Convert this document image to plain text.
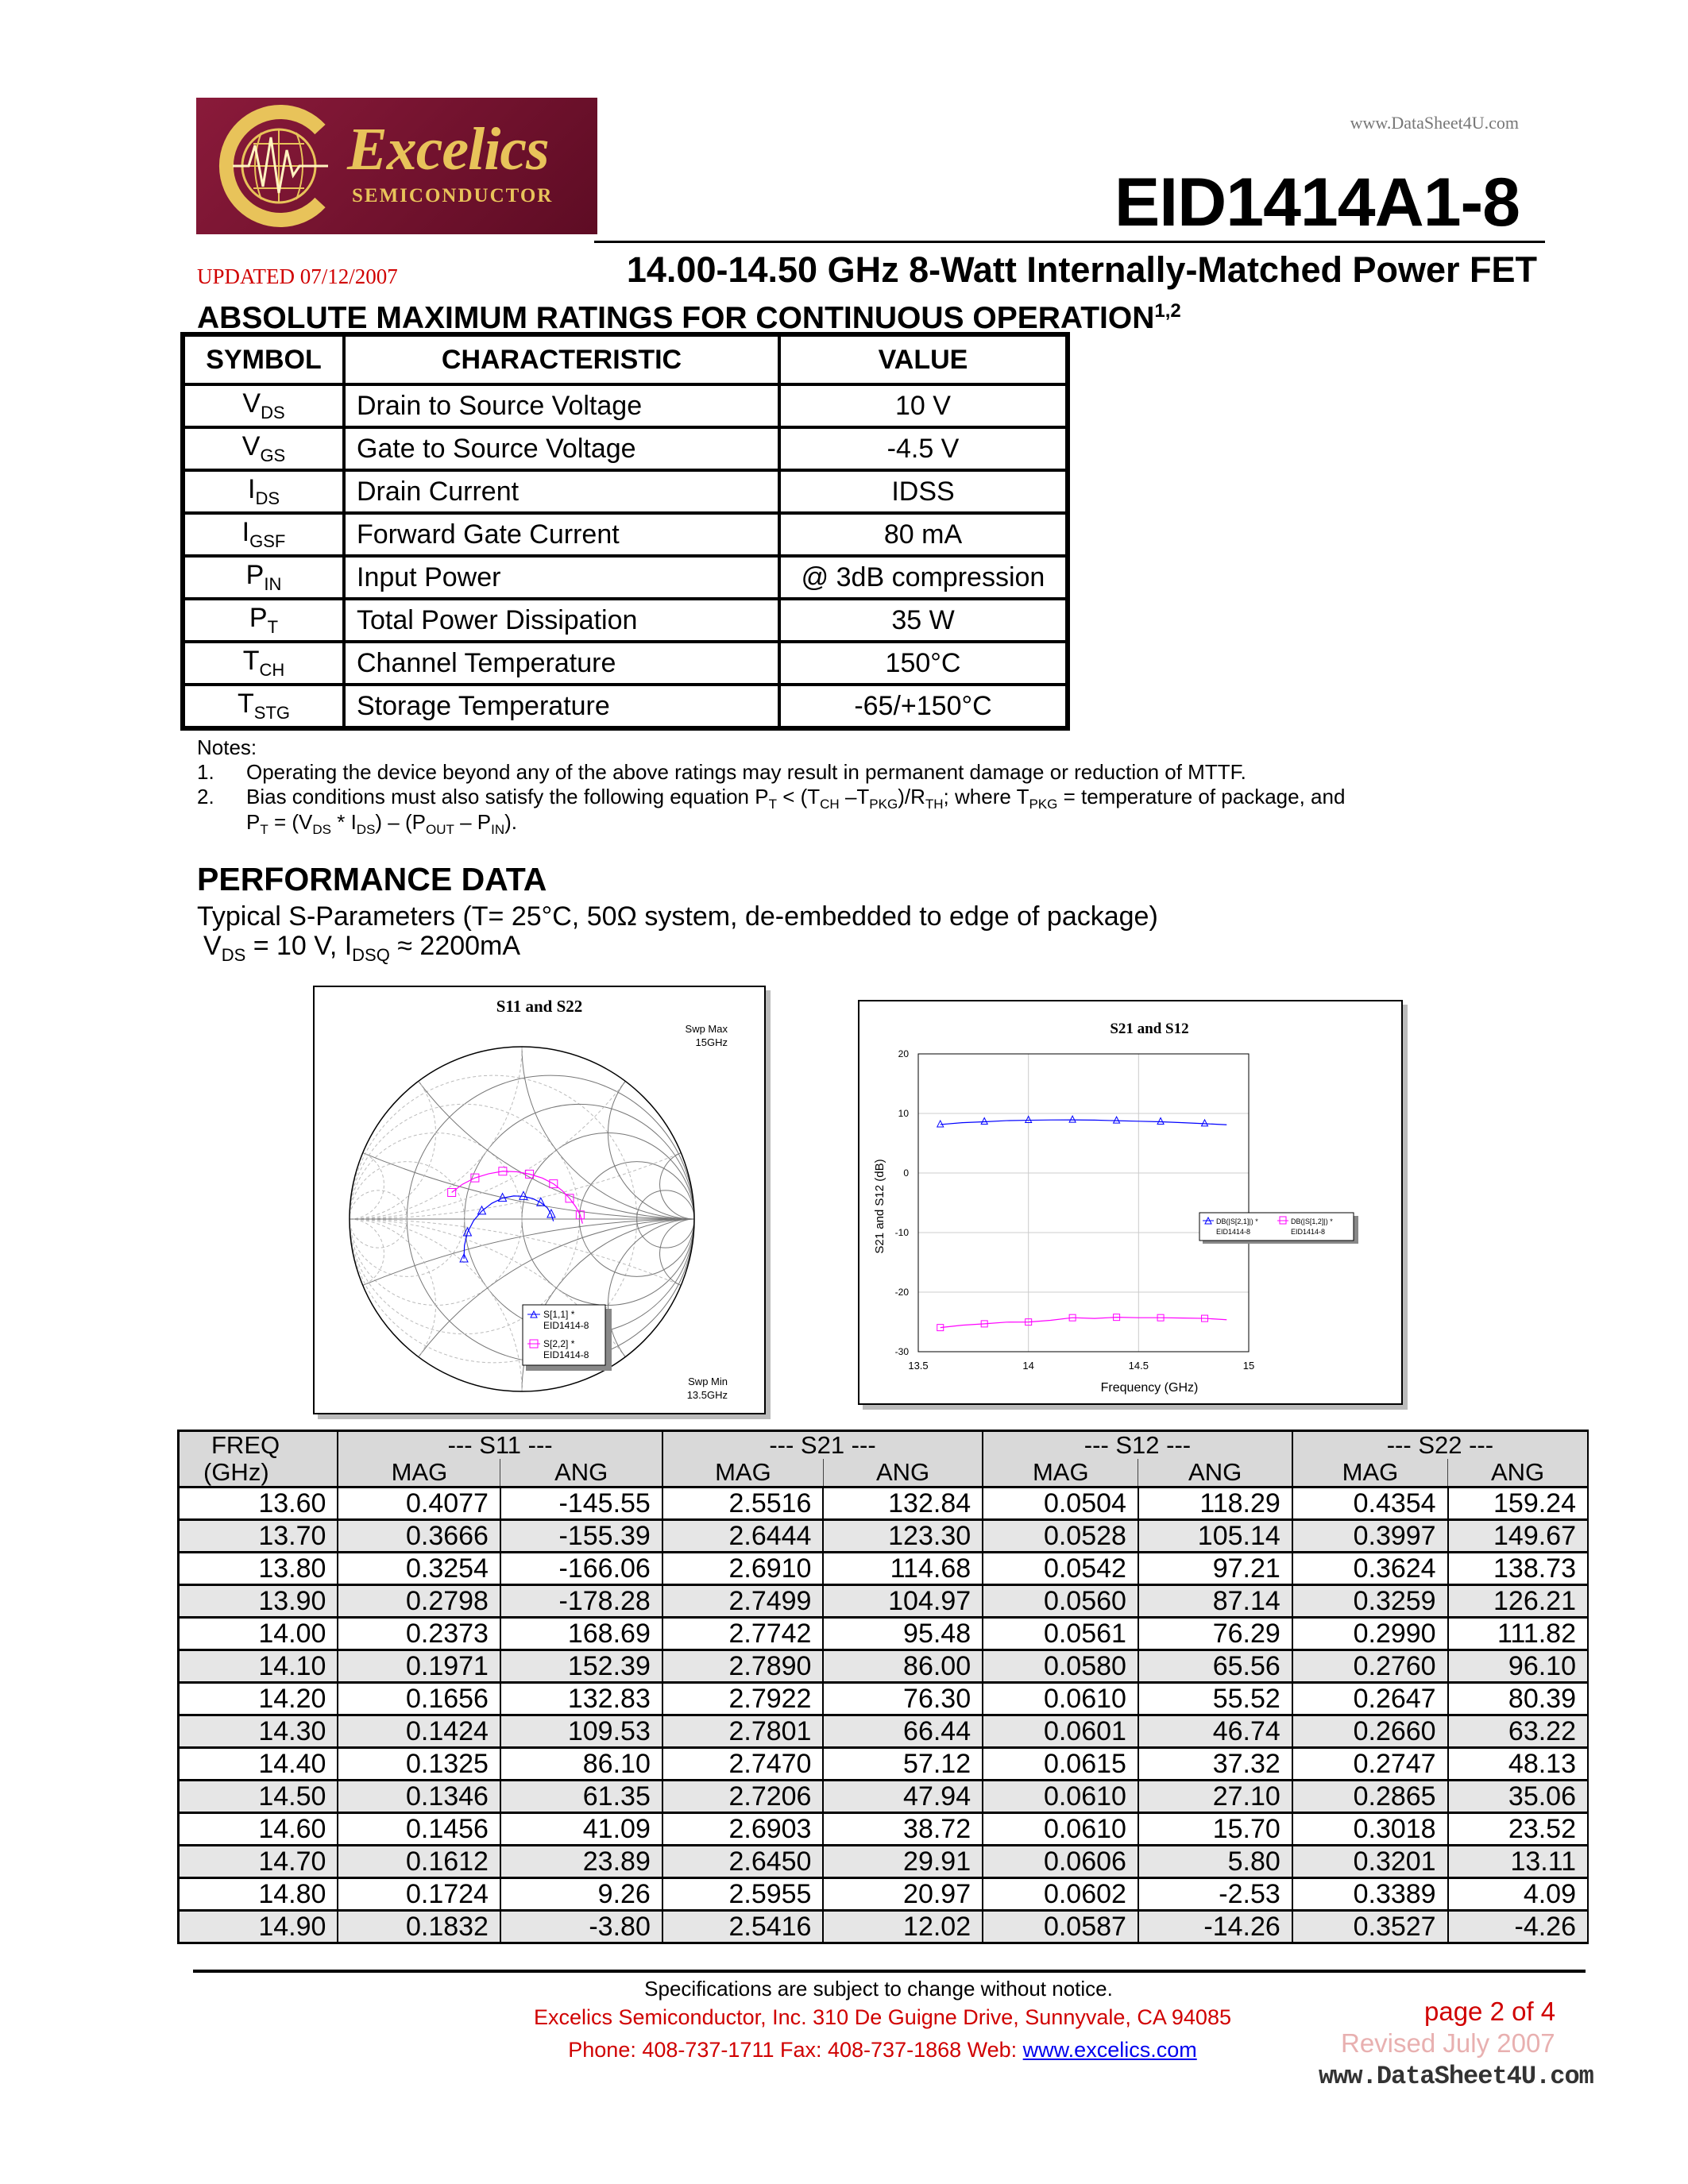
Excelics
SEMICONDUCTOR
www.DataSheet4U.com
EID1414A1-8
UPDATED 07/12/2007	14.00-14.50 GHz 8-Watt Internally-Matched Power FET
ABSOLUTE MAXIMUM RATINGS FOR CONTINUOUS OPERATION$^{1,2}$
SYMBOL	CHARACTERISTIC	VALUE
$V_{DS}$	Drain to Source Voltage	10 V
$V_{GS}$	Gate to Source Voltage	-4.5 V
$I_{DS}$	Drain Current	IDSS
$I_{GSF}$	Forward Gate Current	80 mA
$P_{IN}$	Input Power	@ 3dB compression
$P_T$	Total Power Dissipation	35 W
$T_{CH}$	Channel Temperature	150°C
$T_{STG}$	Storage Temperature	-65/+150°C
Notes:
1. Operating the device beyond any of the above ratings may result in permanent damage or reduction of MTTF.
2. Bias conditions must also satisfy the following equation $P_T < (T_{CH}$ $-T_{PKG})/R_{TH}$; where $T_{PKG}$ = temperature of package, and
$P_T = (V_{DS} * I_{DS}) - (P_{OUT} - P_{IN})$.
PERFORMANCE DATA
Typical S-Parameters (T= 25°C, 50Ω system, de-embedded to edge of package)
$V_{DS} = 10$ V, $I_{DSQ} \approx 2200mA$
S11 and S22
Swp Max
15GHz
Swp Min
13.5GHz
S[1,1] *
EID1414-8
S[2,2] *
EID1414-8
S21 and S12
S21 and S12 (dB)
Frequency (GHz)
20
10
0
-10
-20
-30
13.5	14	14.5	15
DB(|S[2,1]|) *
EID1414-8
DB(|S[1,2]|) *
EID1414-8
FREQ	--- S11 ---		--- S21 ---		--- S12 ---		--- S22 ---	
(GHz)	MAG	ANG	MAG	ANG	MAG	ANG	MAG	ANG
13.60	0.4077	-145.55	2.5516	132.84	0.0504	118.29	0.4354	159.24
13.70	0.3666	-155.39	2.6444	123.30	0.0528	105.14	0.3997	149.67
13.80	0.3254	-166.06	2.6910	114.68	0.0542	97.21	0.3624	138.73
13.90	0.2798	-178.28	2.7499	104.97	0.0560	87.14	0.3259	126.21
14.00	0.2373	168.69	2.7742	95.48	0.0561	76.29	0.2990	111.82
14.10	0.1971	152.39	2.7890	86.00	0.0580	65.56	0.2760	96.10
14.20	0.1656	132.83	2.7922	76.30	0.0610	55.52	0.2647	80.39
14.30	0.1424	109.53	2.7801	66.44	0.0601	46.74	0.2660	63.22
14.40	0.1325	86.10	2.7470	57.12	0.0615	37.32	0.2747	48.13
14.50	0.1346	61.35	2.7206	47.94	0.0610	27.10	0.2865	35.06
14.60	0.1456	41.09	2.6903	38.72	0.0610	15.70	0.3018	23.52
14.70	0.1612	23.89	2.6450	29.91	0.0606	5.80	0.3201	13.11
14.80	0.1724	9.26	2.5955	20.97	0.0602	-2.53	0.3389	4.09
14.90	0.1832	-3.80	2.5416	12.02	0.0587	-14.26	0.3527	-4.26
Specifications are subject to change without notice.
Excelics Semiconductor, Inc. 310 De Guigne Drive, Sunnyvale, CA 94085
Phone: 408-737-1711 Fax: 408-737-1868 Web: www.excelics.com
page 2 of 4
Revised July 2007
www.DataSheet4U.com
